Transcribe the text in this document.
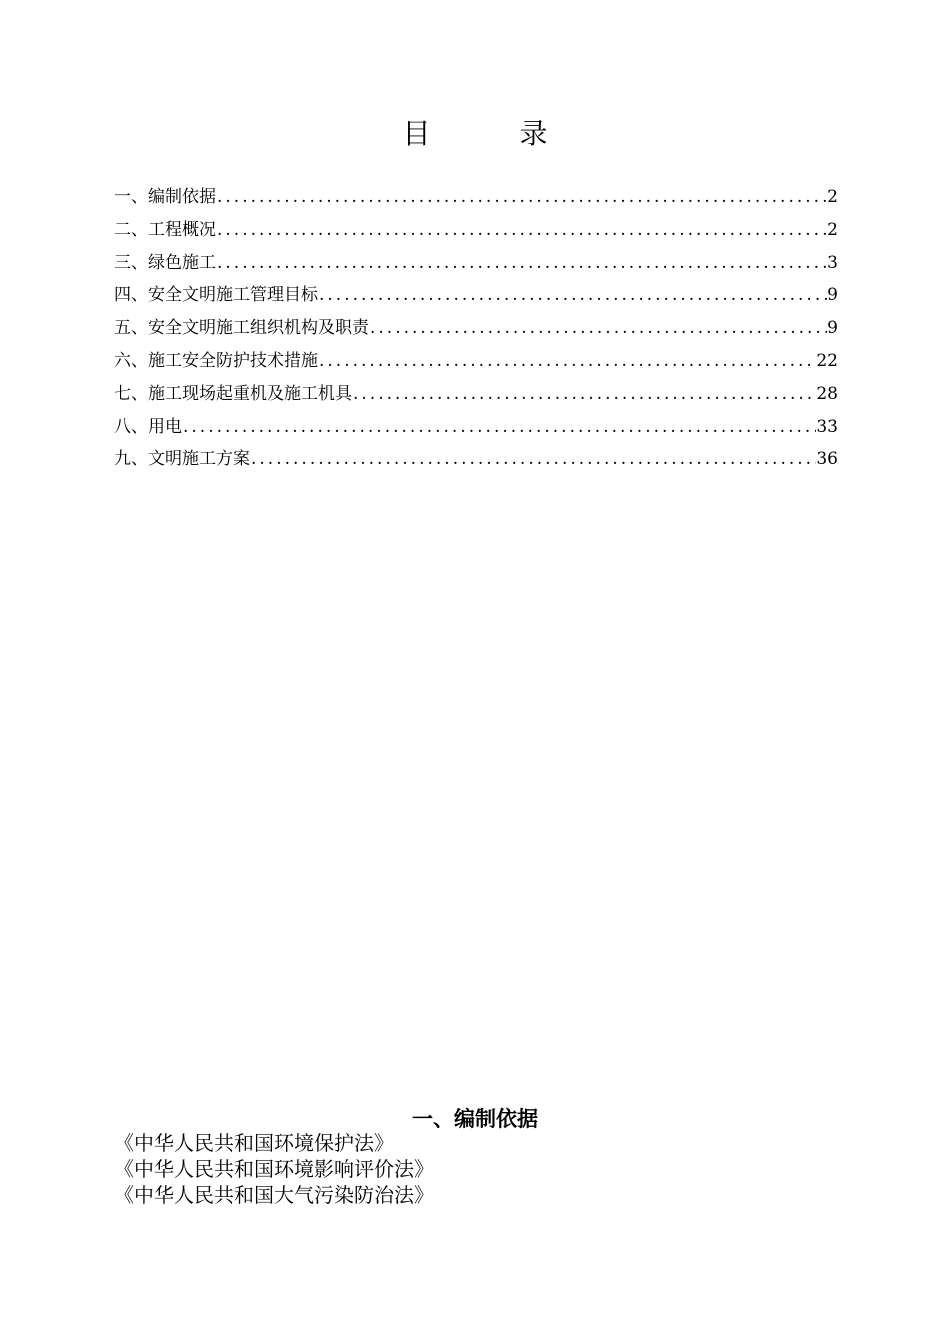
目 录
一、编制依据 .....	2
二、工程概况 .....	2
三、绿色施工 .....	3
四、安全文明施工管理目标 .....	9
五、安全文明施工组织机构及职责 .....	9
六、施工安全防护技术措施 .....	22
七、施工现场起重机及施工机具 .....	28
八、用电 .....	33
九、文明施工方案 .....	36
一、编制依据
《中华人民共和国环境保护法》
《中华人民共和国环境影响评价法》
《中华人民共和国大气污染防治法》
